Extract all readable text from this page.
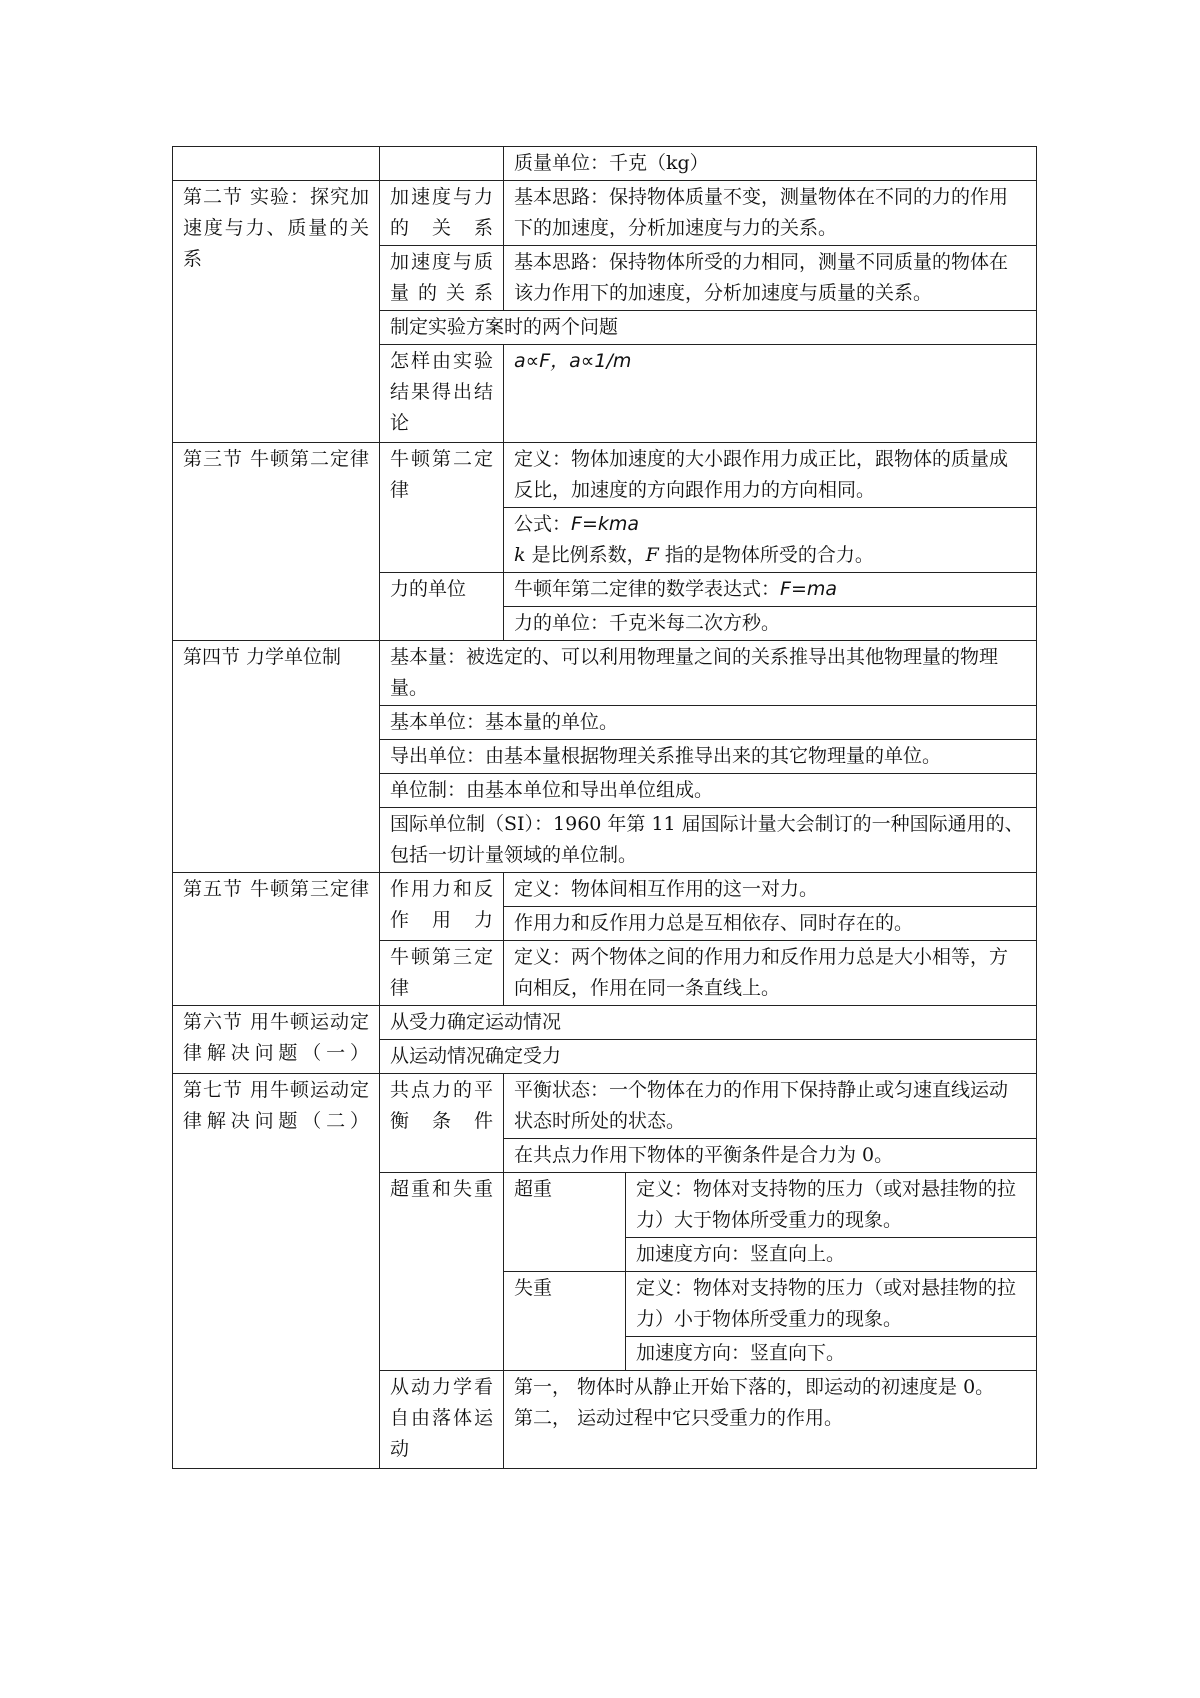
		质量单位：千克（kg）
第二节 实验：探究加速度与力、质量的关系	加速度与力的关系	基本思路：保持物体质量不变，测量物体在不同的力的作用下的加速度，分析加速度与力的关系。
加速度与质量的关系	基本思路：保持物体所受的力相同，测量不同质量的物体在该力作用下的加速度，分析加速度与质量的关系。
制定实验方案时的两个问题
怎样由实验结果得出结论	a∝F，a∝1/m
第三节 牛顿第二定律	牛顿第二定律	定义：物体加速度的大小跟作用力成正比，跟物体的质量成反比，加速度的方向跟作用力的方向相同。
公式：F=kma
k 是比例系数，F 指的是物体所受的合力。
力的单位	牛顿年第二定律的数学表达式：F=ma
力的单位：千克米每二次方秒。
第四节 力学单位制	基本量：被选定的、可以利用物理量之间的关系推导出其他物理量的物理量。
基本单位：基本量的单位。
导出单位：由基本量根据物理关系推导出来的其它物理量的单位。
单位制：由基本单位和导出单位组成。
国际单位制（SI）：1960 年第 11 届国际计量大会制订的一种国际通用的、包括一切计量领域的单位制。
第五节 牛顿第三定律	作用力和反作用力	定义：物体间相互作用的这一对力。
作用力和反作用力总是互相依存、同时存在的。
牛顿第三定律	定义：两个物体之间的作用力和反作用力总是大小相等，方向相反，作用在同一条直线上。
第六节 用牛顿运动定律解决问题（一）	从受力确定运动情况
从运动情况确定受力
第七节 用牛顿运动定律解决问题（二）	共点力的平衡条件	平衡状态：一个物体在力的作用下保持静止或匀速直线运动状态时所处的状态。
在共点力作用下物体的平衡条件是合力为 0。
超重和失重	超重	定义：物体对支持物的压力（或对悬挂物的拉力）大于物体所受重力的现象。
加速度方向：竖直向上。
失重	定义：物体对支持物的压力（或对悬挂物的拉力）小于物体所受重力的现象。
加速度方向：竖直向下。

从动力学看自由落体运动	第一， 物体时从静止开始下落的，即运动的初速度是 0。
第二， 运动过程中它只受重力的作用。
